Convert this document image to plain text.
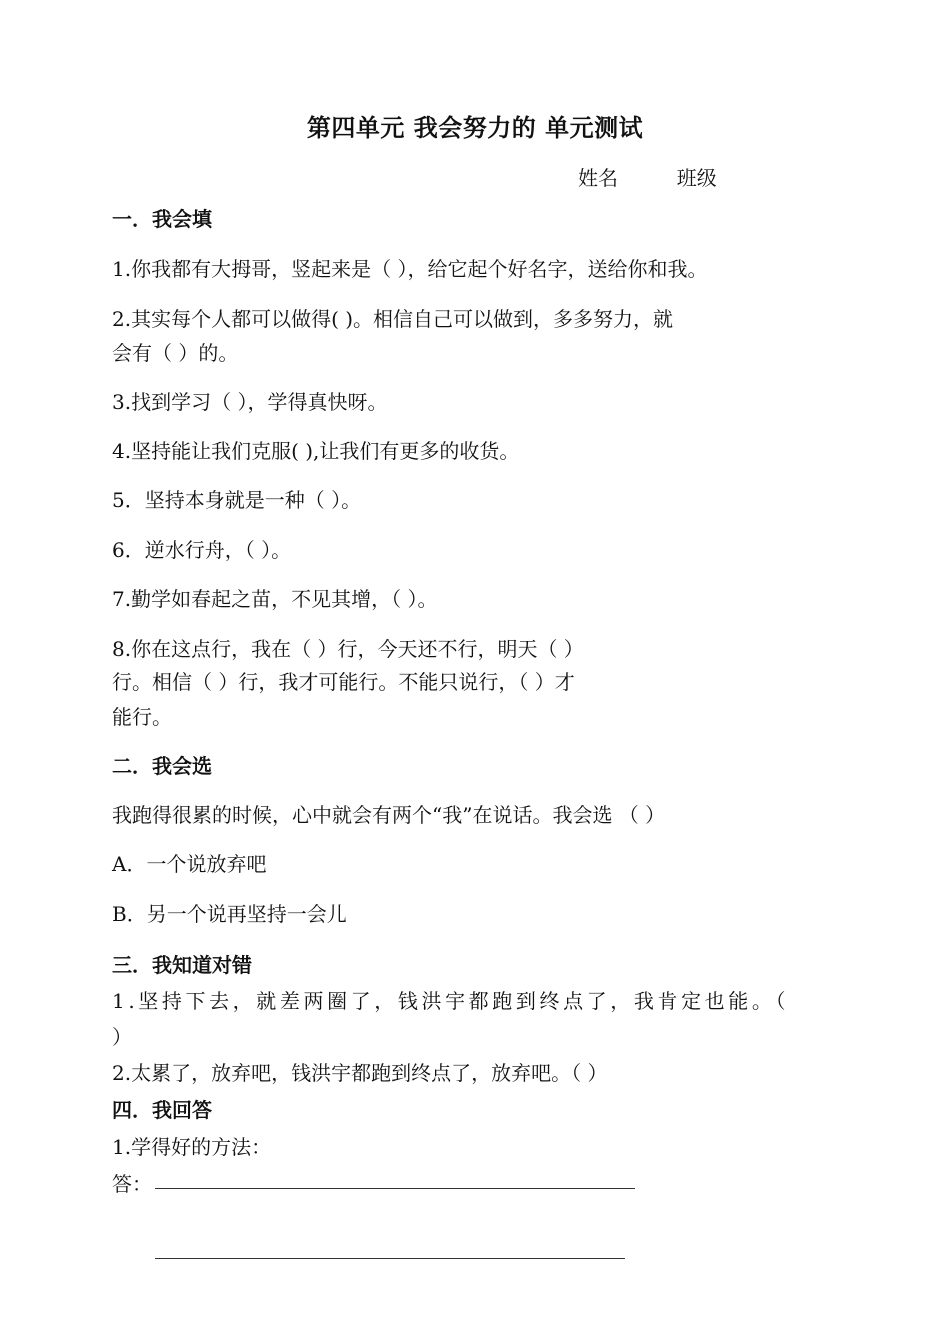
第四单元 我会努力的 单元测试
姓名	班级
一．我会填
1.你我都有大拇哥，竖起来是（ ），给它起个好名字，送给你和我。
2.其实每个人都可以做得( )。相信自己可以做到，多多努力，就
会有（ ）的。
3.找到学习（ ），学得真快呀。
4.坚持能让我们克服( ),让我们有更多的收货。
5．坚持本身就是一种（ ）。
6．逆水行舟，（ ）。
7.勤学如春起之苗，不见其增，（ ）。
8.你在这点行，我在（ ）行，今天还不行，明天（ ）
行。相信（ ）行，我才可能行。不能只说行，（ ）才
能行。
二．我会选
我跑得很累的时候，心中就会有两个“我”在说话。我会选 （ ）
A．一个说放弃吧
B．另一个说再坚持一会儿
三．我知道对错
1.坚持下去，就差两圈了，钱洪宇都跑到终点了，我肯定也能。（
）
2.太累了，放弃吧，钱洪宇都跑到终点了，放弃吧。（ ）
四．我回答
1.学得好的方法：
答：
